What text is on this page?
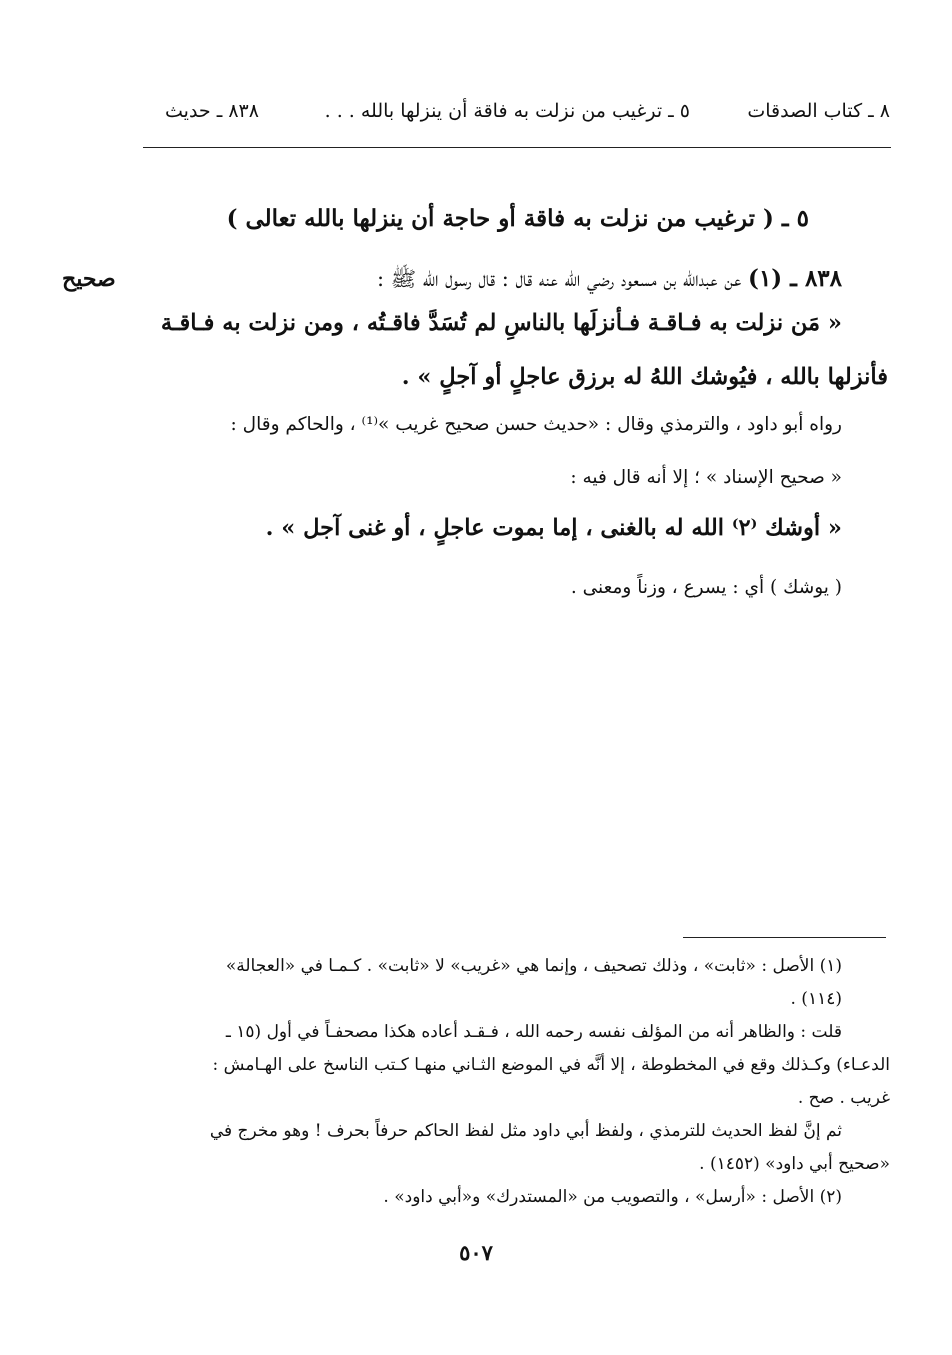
٨ ـ كتاب الصدقات
٥ ـ ترغيب من نزلت به فاقة أن ينزلها بالله . . .
٨٣٨ ـ حديث
٥ ـ ( ترغيب من نزلت به فاقة أو حاجة أن ينزلها بالله تعالى )
صحيح	٨٣٨ ـ (١) عن عبدالله بن مسعود رضي الله عنه قال : قال رسول الله ﷺ :
« مَن نزلت به فـاقـة فـأنزلَها بالناسِ لم تُسَدَّ فاقـتُه ، ومن نزلت به فـاقـة
فأنزلها بالله ، فيُوشك اللهُ له برزق عاجلٍ أو آجلٍ » .
رواه أبو داود ، والترمذي وقال : «حديث حسن صحيح غريب »⁽¹⁾ ، والحاكم وقال :
« صحيح الإسناد » ؛ إلا أنه قال فيه :
« أوشك ⁽٢⁾ الله له بالغنى ، إما بموت عاجلٍ ، أو غنى آجل » .
( يوشك ) أي : يسرع ، وزناً ومعنى .
(١) الأصل : «ثابت» ، وذلك تصحيف ، وإنما هي «غريب» لا «ثابت» . كـمـا في «العجالة»
(١١٤) .
قلت : والظاهر أنه من المؤلف نفسه رحمه الله ، فـقـد أعاده هكذا مصحفـاً في أول (١٥ ـ
الدعـاء) وكـذلك وقع في المخطوطة ، إلا أنَّه في الموضع الثـاني منهـا كـتب الناسخ على الهـامش :
غريب . صح .
ثم إنَّ لفظ الحديث للترمذي ، ولفظ أبي داود مثل لفظ الحاكم حرفاً بحرف ! وهو مخرج في
«صحيح أبي داود» (١٤٥٢) .
(٢) الأصل : «أرسل» ، والتصويب من «المستدرك» و«أبي داود» .
٥٠٧
